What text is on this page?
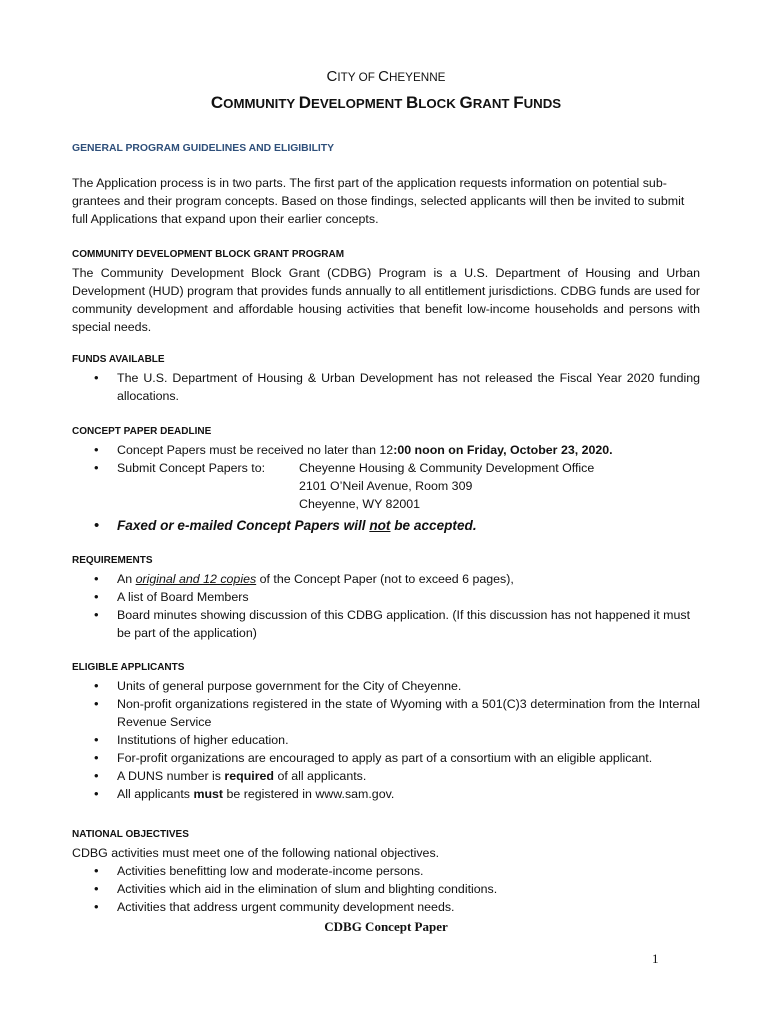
CITY OF CHEYENNE
COMMUNITY DEVELOPMENT BLOCK GRANT FUNDS
GENERAL PROGRAM GUIDELINES AND ELIGIBILITY

The Application process is in two parts. The first part of the application requests information on potential sub-grantees and their program concepts. Based on those findings, selected applicants will then be invited to submit full Applications that expand upon their earlier concepts.

COMMUNITY DEVELOPMENT BLOCK GRANT PROGRAM

The Community Development Block Grant (CDBG) Program is a U.S. Department of Housing and Urban Development (HUD) program that provides funds annually to all entitlement jurisdictions. CDBG funds are used for community development and affordable housing activities that benefit low-income households and persons with special needs.

FUNDS AVAILABLE
• The U.S. Department of Housing & Urban Development has not released the Fiscal Year 2020 funding allocations.
CONCEPT PAPER DEADLINE
• Concept Papers must be received no later than 12:00 noon on Friday, October 23, 2020.
• Submit Concept Papers to:	Cheyenne Housing & Community Development Office
2101 O’Neil Avenue, Room 309
Cheyenne, WY 82001
• Faxed or e-mailed Concept Papers will not be accepted.
REQUIREMENTS
• An original and 12 copies of the Concept Paper (not to exceed 6 pages),
• A list of Board Members
• Board minutes showing discussion of this CDBG application. (If this discussion has not happened it must be part of the application)
ELIGIBLE APPLICANTS
• Units of general purpose government for the City of Cheyenne.
• Non-profit organizations registered in the state of Wyoming with a 501(C)3 determination from the Internal Revenue Service
• Institutions of higher education.
• For-profit organizations are encouraged to apply as part of a consortium with an eligible applicant.
• A DUNS number is required of all applicants.
• All applicants must be registered in www.sam.gov.
NATIONAL OBJECTIVES

CDBG activities must meet one of the following national objectives.

• Activities benefitting low and moderate-income persons.
• Activities which aid in the elimination of slum and blighting conditions.
• Activities that address urgent community development needs.
CDBG Concept Paper
1
